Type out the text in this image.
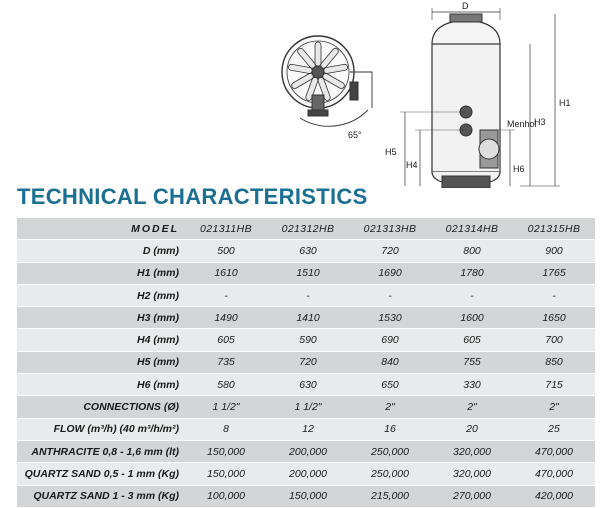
65°
D
H1
H3
H5
H4	H6
Menhol
TECHNICAL CHARACTERISTICS
MODEL	021311HB	021312HB	021313HB	021314HB	021315HB
D (mm)	500	630	720	800	900
H1 (mm)	1610	1510	1690	1780	1765
H2 (mm)	-	-	-	-	-
H3 (mm)	1490	1410	1530	1600	1650
H4 (mm)	605	590	690	605	700
H5 (mm)	735	720	840	755	850
H6 (mm)	580	630	650	330	715
CONNECTIONS (Ø)	1 1/2"	1 1/2"	2"	2"	2"
FLOW (m³/h) (40 m³/h/m²)	8	12	16	20	25
ANTHRACITE 0,8 - 1,6 mm (lt)	150,000	200,000	250,000	320,000	470,000
QUARTZ SAND 0,5 - 1 mm (Kg)	150,000	200,000	250,000	320,000	470,000
QUARTZ SAND 1 - 3 mm (Kg)	100,000	150,000	215,000	270,000	420,000
